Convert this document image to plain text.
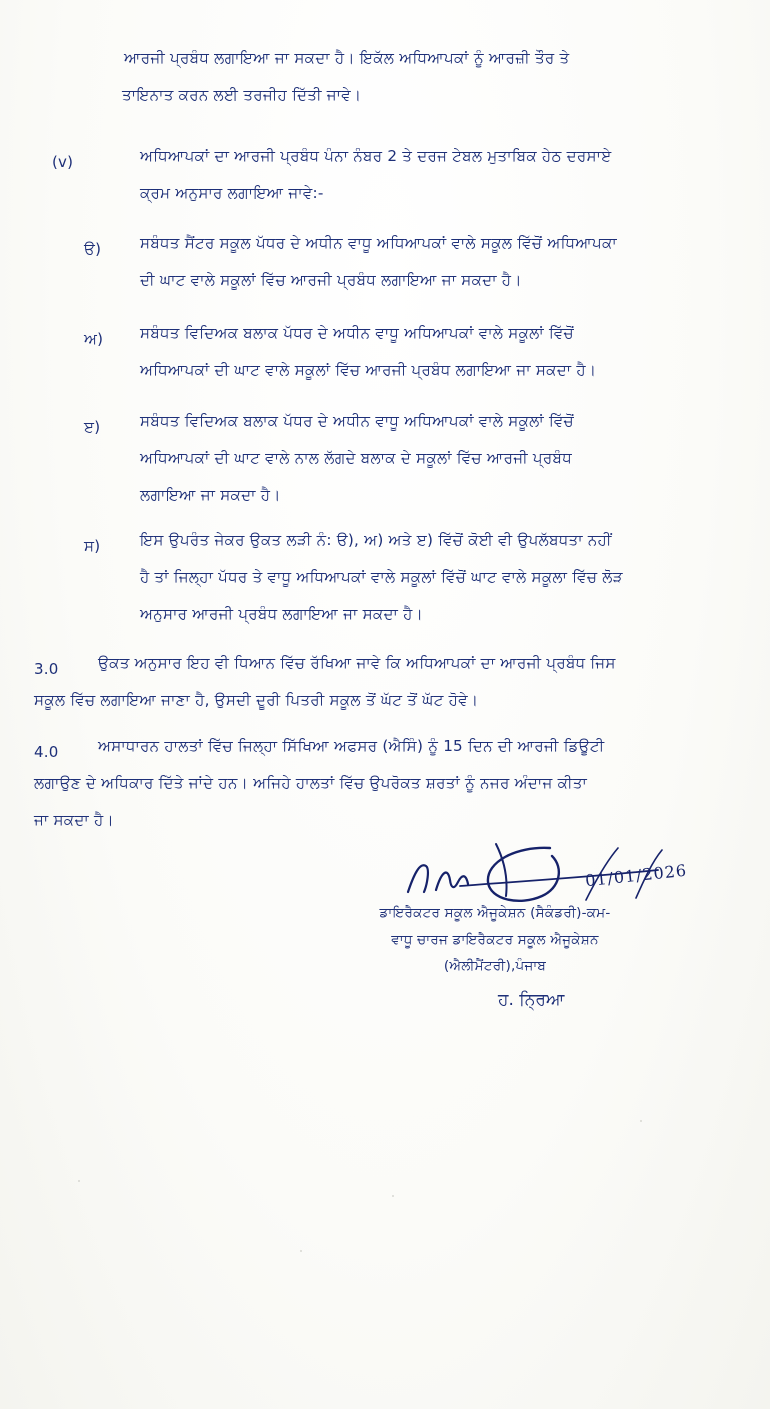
ਆਰਜੀ ਪ੍ਰਬੰਧ ਲਗਾਇਆ ਜਾ ਸਕਦਾ ਹੈ। ਇਕੱਲ ਅਧਿਆਪਕਾਂ ਨੂੰ ਆਰਜ਼ੀ ਤੌਰ ਤੇ
ਤਾਇਨਾਤ ਕਰਨ ਲਈ ਤਰਜੀਹ ਦਿੱਤੀ ਜਾਵੇ।
(v)	ਅਧਿਆਪਕਾਂ ਦਾ ਆਰਜੀ ਪ੍ਰਬੰਧ ਪੰਨਾ ਨੰਬਰ 2 ਤੇ ਦਰਜ ਟੇਬਲ ਮੁਤਾਬਿਕ ਹੇਠ ਦਰਸਾਏ
ਕ੍ਰਮ ਅਨੁਸਾਰ ਲਗਾਇਆ ਜਾਵੇ:-
ੳ)	ਸਬੰਧਤ ਸੈਂਟਰ ਸਕੂਲ ਪੱਧਰ ਦੇ ਅਧੀਨ ਵਾਧੂ ਅਧਿਆਪਕਾਂ ਵਾਲੇ ਸਕੂਲ ਵਿੱਚੋਂ ਅਧਿਆਪਕਾ
ਦੀ ਘਾਟ ਵਾਲੇ ਸਕੂਲਾਂ ਵਿੱਚ ਆਰਜੀ ਪ੍ਰਬੰਧ ਲਗਾਇਆ ਜਾ ਸਕਦਾ ਹੈ।
ਅ) ਸਬੰਧਤ ਵਿਦਿਅਕ ਬਲਾਕ ਪੱਧਰ ਦੇ ਅਧੀਨ ਵਾਧੂ ਅਧਿਆਪਕਾਂ ਵਾਲੇ ਸਕੂਲਾਂ ਵਿੱਚੋਂ
ਅਧਿਆਪਕਾਂ ਦੀ ਘਾਟ ਵਾਲੇ ਸਕੂਲਾਂ ਵਿੱਚ ਆਰਜੀ ਪ੍ਰਬੰਧ ਲਗਾਇਆ ਜਾ ਸਕਦਾ ਹੈ।
ੲ)	ਸਬੰਧਤ ਵਿਦਿਅਕ ਬਲਾਕ ਪੱਧਰ ਦੇ ਅਧੀਨ ਵਾਧੂ ਅਧਿਆਪਕਾਂ ਵਾਲੇ ਸਕੂਲਾਂ ਵਿੱਚੋਂ
ਅਧਿਆਪਕਾਂ ਦੀ ਘਾਟ ਵਾਲੇ ਨਾਲ ਲੱਗਦੇ ਬਲਾਕ ਦੇ ਸਕੂਲਾਂ ਵਿੱਚ ਆਰਜੀ ਪ੍ਰਬੰਧ
ਲਗਾਇਆ ਜਾ ਸਕਦਾ ਹੈ।
ਸ)	ਇਸ ਉਪਰੰਤ ਜੇਕਰ ਉਕਤ ਲੜੀ ਨੰ: ੳ), ਅ) ਅਤੇ ੲ) ਵਿੱਚੋਂ ਕੋਈ ਵੀ ਉਪਲੱਬਧਤਾ ਨਹੀਂ
ਹੈ ਤਾਂ ਜਿਲ੍ਹਾ ਪੱਧਰ ਤੇ ਵਾਧੂ ਅਧਿਆਪਕਾਂ ਵਾਲੇ ਸਕੂਲਾਂ ਵਿੱਚੋਂ ਘਾਟ ਵਾਲੇ ਸਕੂਲਾ ਵਿੱਚ ਲੋੜ
ਅਨੁਸਾਰ ਆਰਜੀ ਪ੍ਰਬੰਧ ਲਗਾਇਆ ਜਾ ਸਕਦਾ ਹੈ।
3.0	ਉਕਤ ਅਨੁਸਾਰ ਇਹ ਵੀ ਧਿਆਨ ਵਿੱਚ ਰੱਖਿਆ ਜਾਵੇ ਕਿ ਅਧਿਆਪਕਾਂ ਦਾ ਆਰਜੀ ਪ੍ਰਬੰਧ ਜਿਸ
ਸਕੂਲ ਵਿੱਚ ਲਗਾਇਆ ਜਾਣਾ ਹੈ, ਉਸਦੀ ਦੂਰੀ ਪਿਤਰੀ ਸਕੂਲ ਤੋਂ ਘੱਟ ਤੋਂ ਘੱਟ ਹੋਵੇ।
4.0	ਅਸਾਧਾਰਨ ਹਾਲਤਾਂ ਵਿੱਚ ਜਿਲ੍ਹਾ ਸਿੱਖਿਆ ਅਫਸਰ (ਐਸਿੰ) ਨੂੰ 15 ਦਿਨ ਦੀ ਆਰਜੀ ਡਿਊਟੀ
ਲਗਾਉਣ ਦੇ ਅਧਿਕਾਰ ਦਿੱਤੇ ਜਾਂਦੇ ਹਨ। ਅਜਿਹੇ ਹਾਲਤਾਂ ਵਿੱਚ ਉਪਰੋਕਤ ਸ਼ਰਤਾਂ ਨੂੰ ਨਜਰ ਅੰਦਾਜ ਕੀਤਾ
ਜਾ ਸਕਦਾ ਹੈ।
01/01/2026
ਡਾਇਰੈਕਟਰ ਸਕੂਲ ਐਜੂਕੇਸ਼ਨ (ਸੈਕੰਡਰੀ)-ਕਮ-
ਵਾਧੂ ਚਾਰਜ ਡਾਇਰੈਕਟਰ ਸਕੂਲ ਐਜੂਕੇਸ਼ਨ
(ਐਲੀਮੈਂਟਰੀ),ਪੰਜਾਬ
ਹ. ਨ੍ਰਿਆ
